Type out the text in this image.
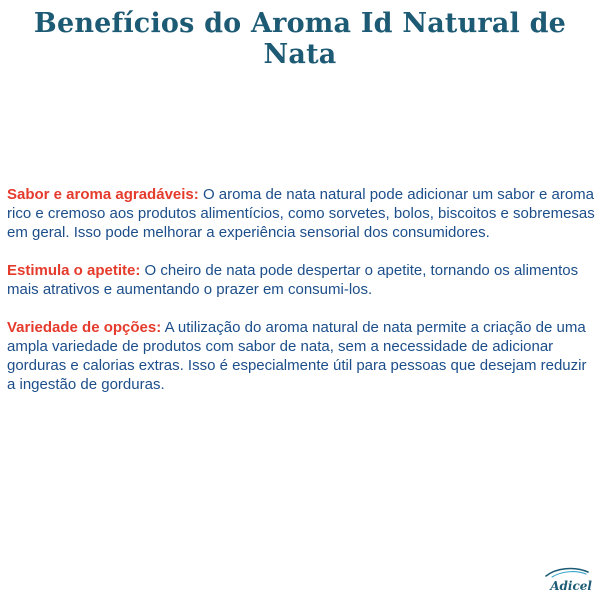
Benefícios do Aroma Id Natural de Nata

Sabor e aroma agradáveis: O aroma de nata natural pode adicionar um sabor e aroma rico e cremoso aos produtos alimentícios, como sorvetes, bolos, biscoitos e sobremesas em geral. Isso pode melhorar a experiência sensorial dos consumidores.

Estimula o apetite: O cheiro de nata pode despertar o apetite, tornando os alimentos mais atrativos e aumentando o prazer em consumi-los.

Variedade de opções: A utilização do aroma natural de nata permite a criação de uma ampla variedade de produtos com sabor de nata, sem a necessidade de adicionar gorduras e calorias extras. Isso é especialmente útil para pessoas que desejam reduzir a ingestão de gorduras.

Adicel
